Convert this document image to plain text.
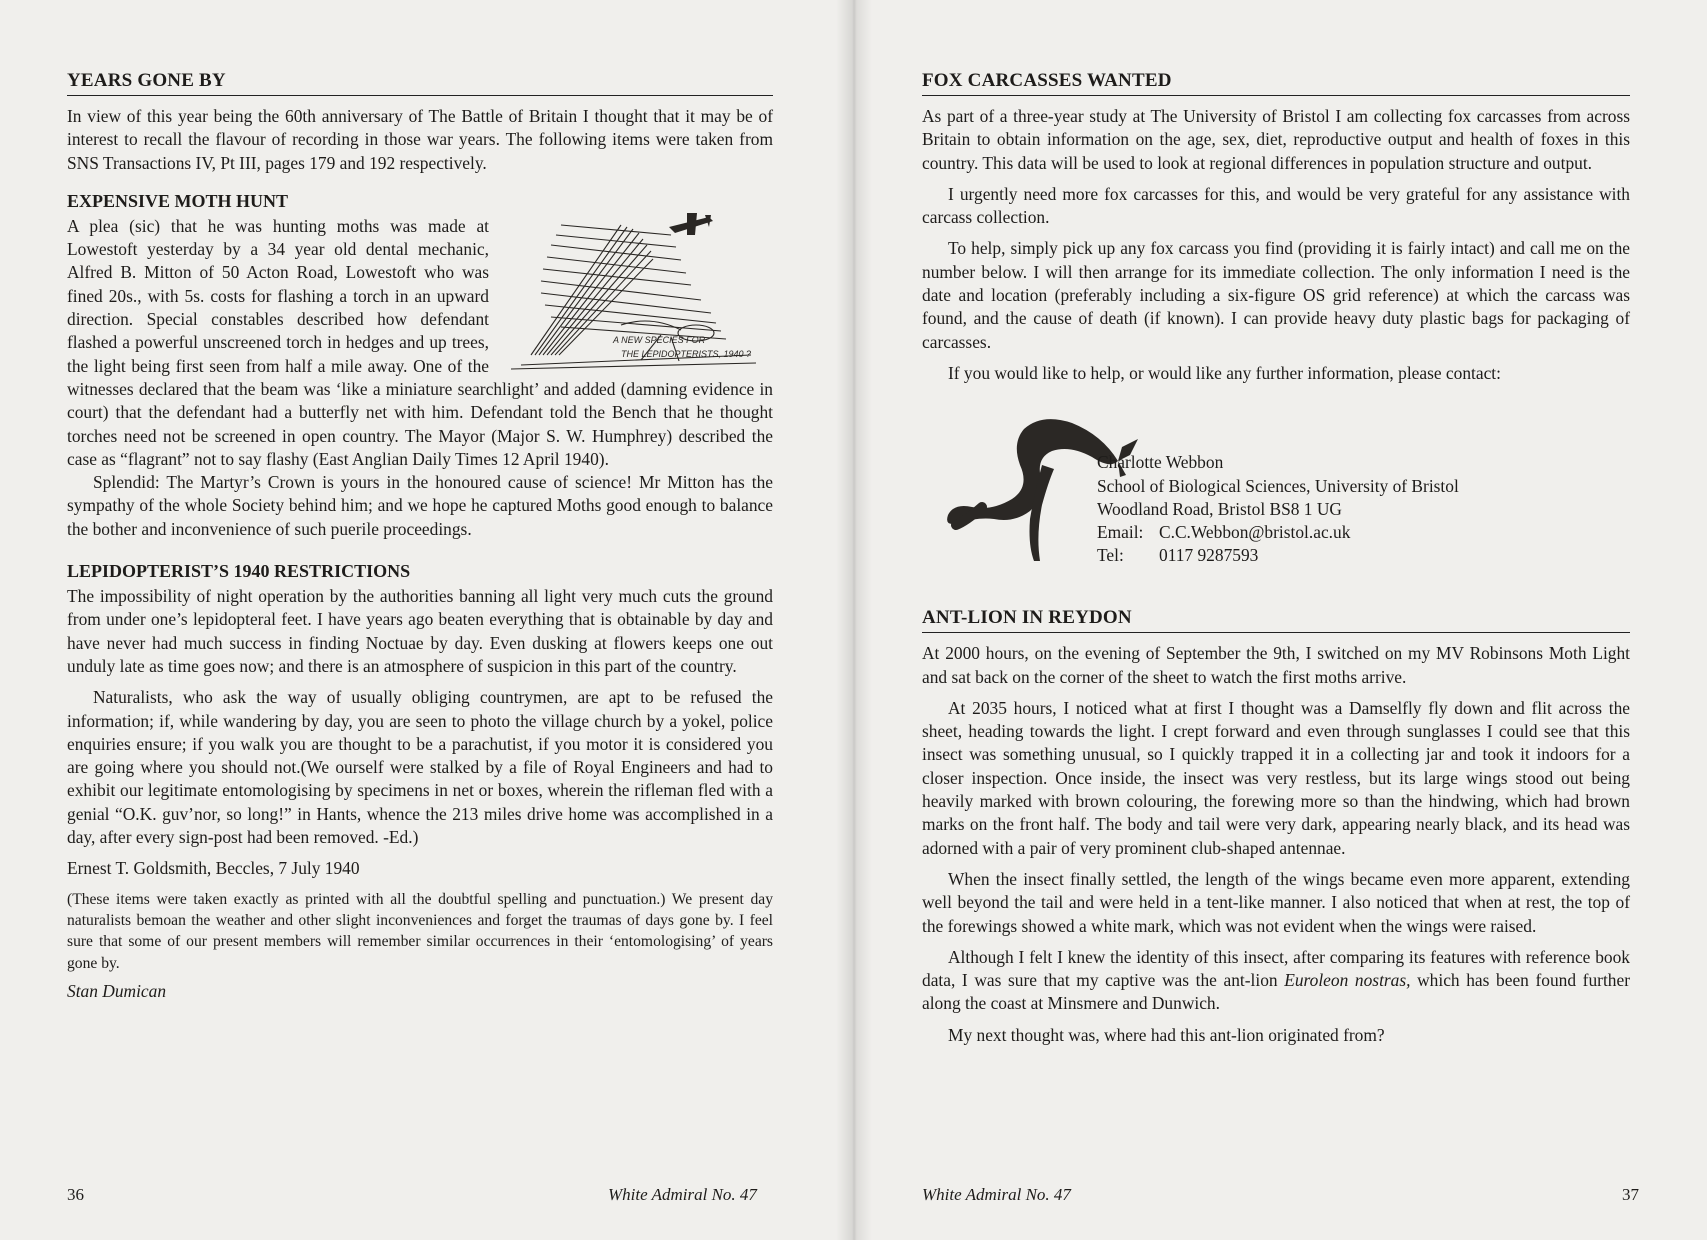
YEARS GONE BY

In view of this year being the 60th anniversary of The Battle of Britain I thought that it may be of interest to recall the flavour of recording in those war years. The following items were taken from SNS Transactions IV, Pt III, pages 179 and 192 respectively.

EXPENSIVE MOTH HUNT
A NEW SPECIES FOR
THE LEPIDOPTERISTS, 1940 ?

A plea (sic) that he was hunting moths was made at Lowestoft yesterday by a 34 year old dental mechanic, Alfred B. Mitton of 50 Acton Road, Lowestoft who was fined 20s., with 5s. costs for flashing a torch in an upward direction. Special constables described how defendant flashed a powerful unscreened torch in hedges and up trees, the light being first seen from half a mile away. One of the witnesses declared that the beam was ‘like a miniature searchlight’ and added (damning evidence in court) that the defendant had a butterfly net with him. Defendant told the Bench that he thought torches need not be screened in open country. The Mayor (Major S. W. Humphrey) described the case as “flagrant” not to say flashy (East Anglian Daily Times 12 April 1940).

Splendid: The Martyr’s Crown is yours in the honoured cause of science! Mr Mitton has the sympathy of the whole Society behind him; and we hope he captured Moths good enough to balance the bother and inconvenience of such puerile proceedings.

LEPIDOPTERIST’S 1940 RESTRICTIONS

The impossibility of night operation by the authorities banning all light very much cuts the ground from under one’s lepidopteral feet. I have years ago beaten everything that is obtainable by day and have never had much success in finding Noctuae by day. Even dusking at flowers keeps one out unduly late as time goes now; and there is an atmosphere of suspicion in this part of the country.

Naturalists, who ask the way of usually obliging countrymen, are apt to be refused the information; if, while wandering by day, you are seen to photo the village church by a yokel, police enquiries ensure; if you walk you are thought to be a parachutist, if you motor it is considered you are going where you should not.(We ourself were stalked by a file of Royal Engineers and had to exhibit our legitimate entomologising by specimens in net or boxes, wherein the rifleman fled with a genial “O.K. guv’nor, so long!” in Hants, whence the 213 miles drive home was accomplished in a day, after every sign-post had been removed. -Ed.)

Ernest T. Goldsmith, Beccles, 7 July 1940

(These items were taken exactly as printed with all the doubtful spelling and punctuation.) We present day naturalists bemoan the weather and other slight inconveniences and forget the traumas of days gone by. I feel sure that some of our present members will remember similar occurrences in their ‘entomologising’ of years gone by.

Stan Dumican

36	White Admiral No. 47
FOX CARCASSES WANTED

As part of a three-year study at The University of Bristol I am collecting fox carcasses from across Britain to obtain information on the age, sex, diet, reproductive output and health of foxes in this country. This data will be used to look at regional differences in population structure and output.

I urgently need more fox carcasses for this, and would be very grateful for any assistance with carcass collection.

To help, simply pick up any fox carcass you find (providing it is fairly intact) and call me on the number below. I will then arrange for its immediate collection. The only information I need is the date and location (preferably including a six-figure OS grid reference) at which the carcass was found, and the cause of death (if known). I can provide heavy duty plastic bags for packaging of carcasses.

If you would like to help, or would like any further information, please contact:

Charlotte Webbon
School of Biological Sciences, University of Bristol
Woodland Road, Bristol BS8 1 UG
Email: C.C.Webbon@bristol.ac.uk
Tel: 0117 9287593
ANT-LION IN REYDON

At 2000 hours, on the evening of September the 9th, I switched on my MV Robinsons Moth Light and sat back on the corner of the sheet to watch the first moths arrive.

At 2035 hours, I noticed what at first I thought was a Damselfly fly down and flit across the sheet, heading towards the light. I crept forward and even through sunglasses I could see that this insect was something unusual, so I quickly trapped it in a collecting jar and took it indoors for a closer inspection. Once inside, the insect was very restless, but its large wings stood out being heavily marked with brown colouring, the forewing more so than the hindwing, which had brown marks on the front half. The body and tail were very dark, appearing nearly black, and its head was adorned with a pair of very prominent club-shaped antennae.

When the insect finally settled, the length of the wings became even more apparent, extending well beyond the tail and were held in a tent-like manner. I also noticed that when at rest, the top of the forewings showed a white mark, which was not evident when the wings were raised.

Although I felt I knew the identity of this insect, after comparing its features with reference book data, I was sure that my captive was the ant-lion Euroleon nostras, which has been found further along the coast at Minsmere and Dunwich.

My next thought was, where had this ant-lion originated from?

White Admiral No. 47	37
